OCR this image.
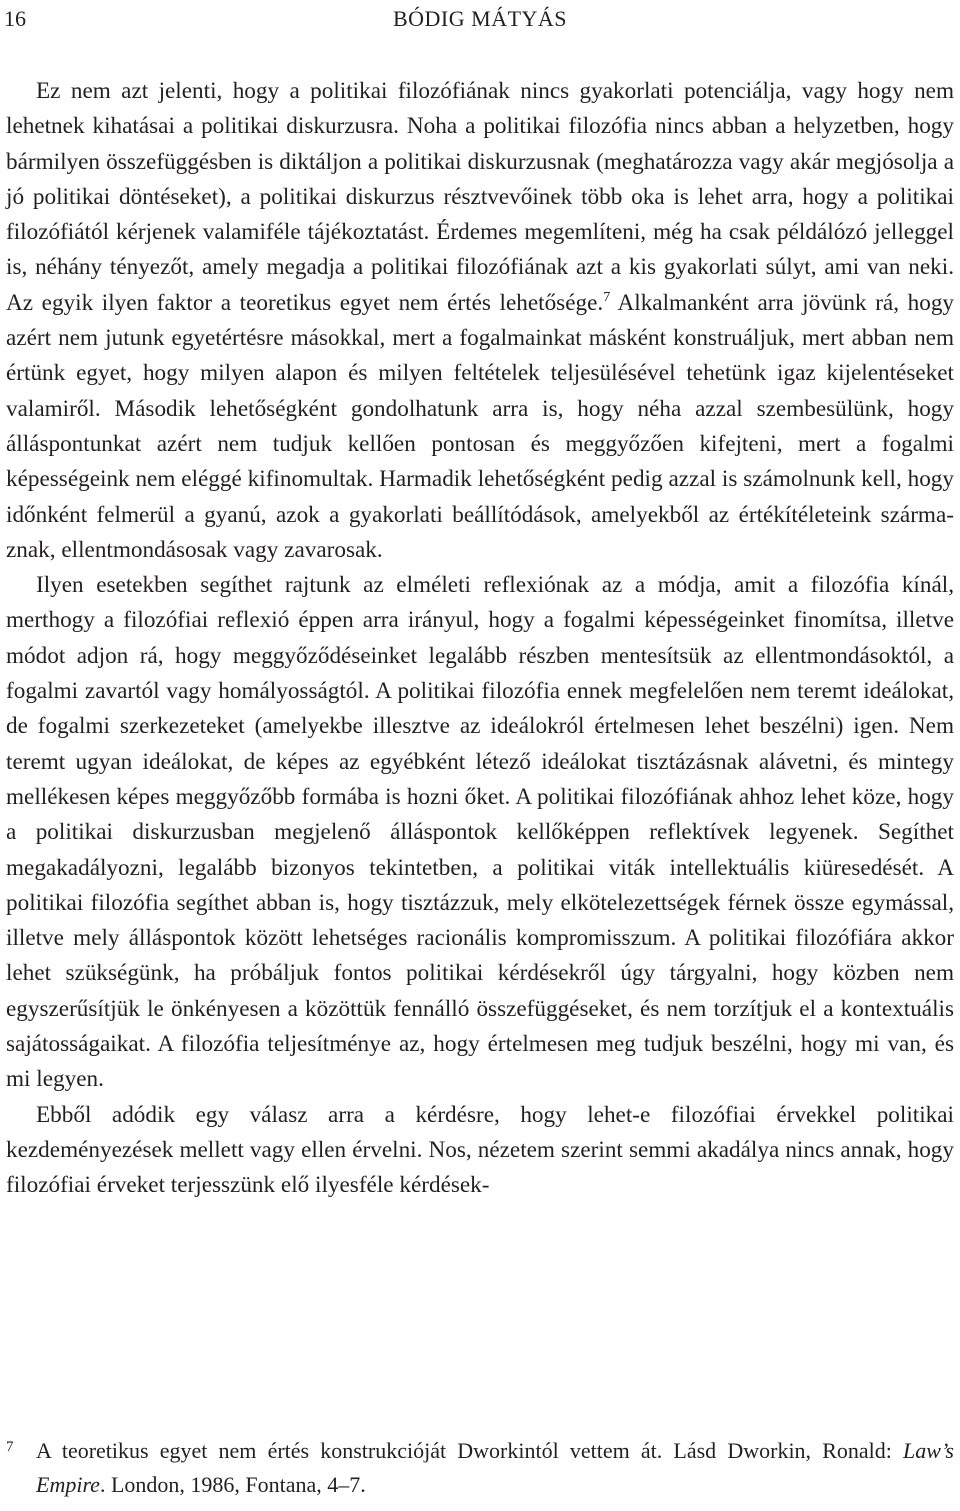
16	BÓDIG MÁTYÁS

Ez nem azt jelenti, hogy a politikai filozófiának nincs gyakorlati potenciálja, vagy hogy nem lehetnek kihatásai a politikai diskurzusra. Noha a politikai filozófia nincs abban a helyzetben, hogy bármilyen összefüggésben is diktáljon a politikai diskurzusnak (meghatározza vagy akár megjósolja a jó politikai döntéseket), a politikai diskurzus résztvevőinek több oka is lehet arra, hogy a politikai filozófiától kérjenek valamiféle tájékoztatást. Érdemes megemlíteni, még ha csak példálózó jelleggel is, néhány tényezőt, amely megadja a politikai filozófiának azt a kis gyakorlati súlyt, ami van neki. Az egyik ilyen faktor a teoretikus egyet nem értés lehetősége.$^7$ Alkalmanként arra jövünk rá, hogy azért nem jutunk egyetértésre másokkal, mert a fogalmainkat másként konstruáljuk, mert abban nem értünk egyet, hogy milyen alapon és milyen feltételek teljesülésével tehetünk igaz kijelentéseket valamiről. Második lehetőségként gondolhatunk arra is, hogy néha azzal szembesülünk, hogy álláspontunkat azért nem tudjuk kellően pontosan és meggyőzően kifejteni, mert a fogalmi képességeink nem eléggé kifinomultak. Harmadik lehetőségként pedig azzal is számolnunk kell, hogy időnként felmerül a gyanú, azok a gyakorlati beállítódások, amelyekből az értékítéleteink származnak, ellentmondásosak vagy zavarosak.

Ilyen esetekben segíthet rajtunk az elméleti reflexiónak az a módja, amit a filozófia kínál, merthogy a filozófiai reflexió éppen arra irányul, hogy a fogalmi képességeinket finomítsa, illetve módot adjon rá, hogy meggyőződéseinket legalább részben mentesítsük az ellentmondásoktól, a fogalmi zavartól vagy homályosságtól. A politikai filozófia ennek megfelelően nem teremt ideálokat, de fogalmi szerkezeteket (amelyekbe illesztve az ideálokról értelmesen lehet beszélni) igen. Nem teremt ugyan ideálokat, de képes az egyébként létező ideálokat tisztázásnak alávetni, és mintegy mellékesen képes meggyőzőbb formába is hozni őket. A politikai filozófiának ahhoz lehet köze, hogy a politikai diskurzusban megjelenő álláspontok kellőképpen reflektívek legyenek. Segíthet megakadályozni, legalább bizonyos tekintetben, a politikai viták intellektuális kiüresedését. A politikai filozófia segíthet abban is, hogy tisztázzuk, mely elkötelezettségek férnek össze egymással, illetve mely álláspontok között lehetséges racionális kompromisszum. A politikai filozófiára akkor lehet szükségünk, ha próbáljuk fontos politikai kérdésekről úgy tárgyalni, hogy közben nem egyszerűsítjük le önkényesen a közöttük fennálló összefüggéseket, és nem torzítjuk el a kontextuális sajátosságaikat. A filozófia teljesítménye az, hogy értelmesen meg tudjuk beszélni, hogy mi van, és mi legyen.

Ebből adódik egy válasz arra a kérdésre, hogy lehet-e filozófiai érvekkel politikai kezdeményezések mellett vagy ellen érvelni. Nos, nézetem szerint semmi akadálya nincs annak, hogy filozófiai érveket terjesszünk elő ilyesféle kérdések-

7	A teoretikus egyet nem értés konstrukcióját Dworkintól vettem át. Lásd Dworkin, Ronald: Law’s Empire. London, 1986, Fontana, 4–7.
